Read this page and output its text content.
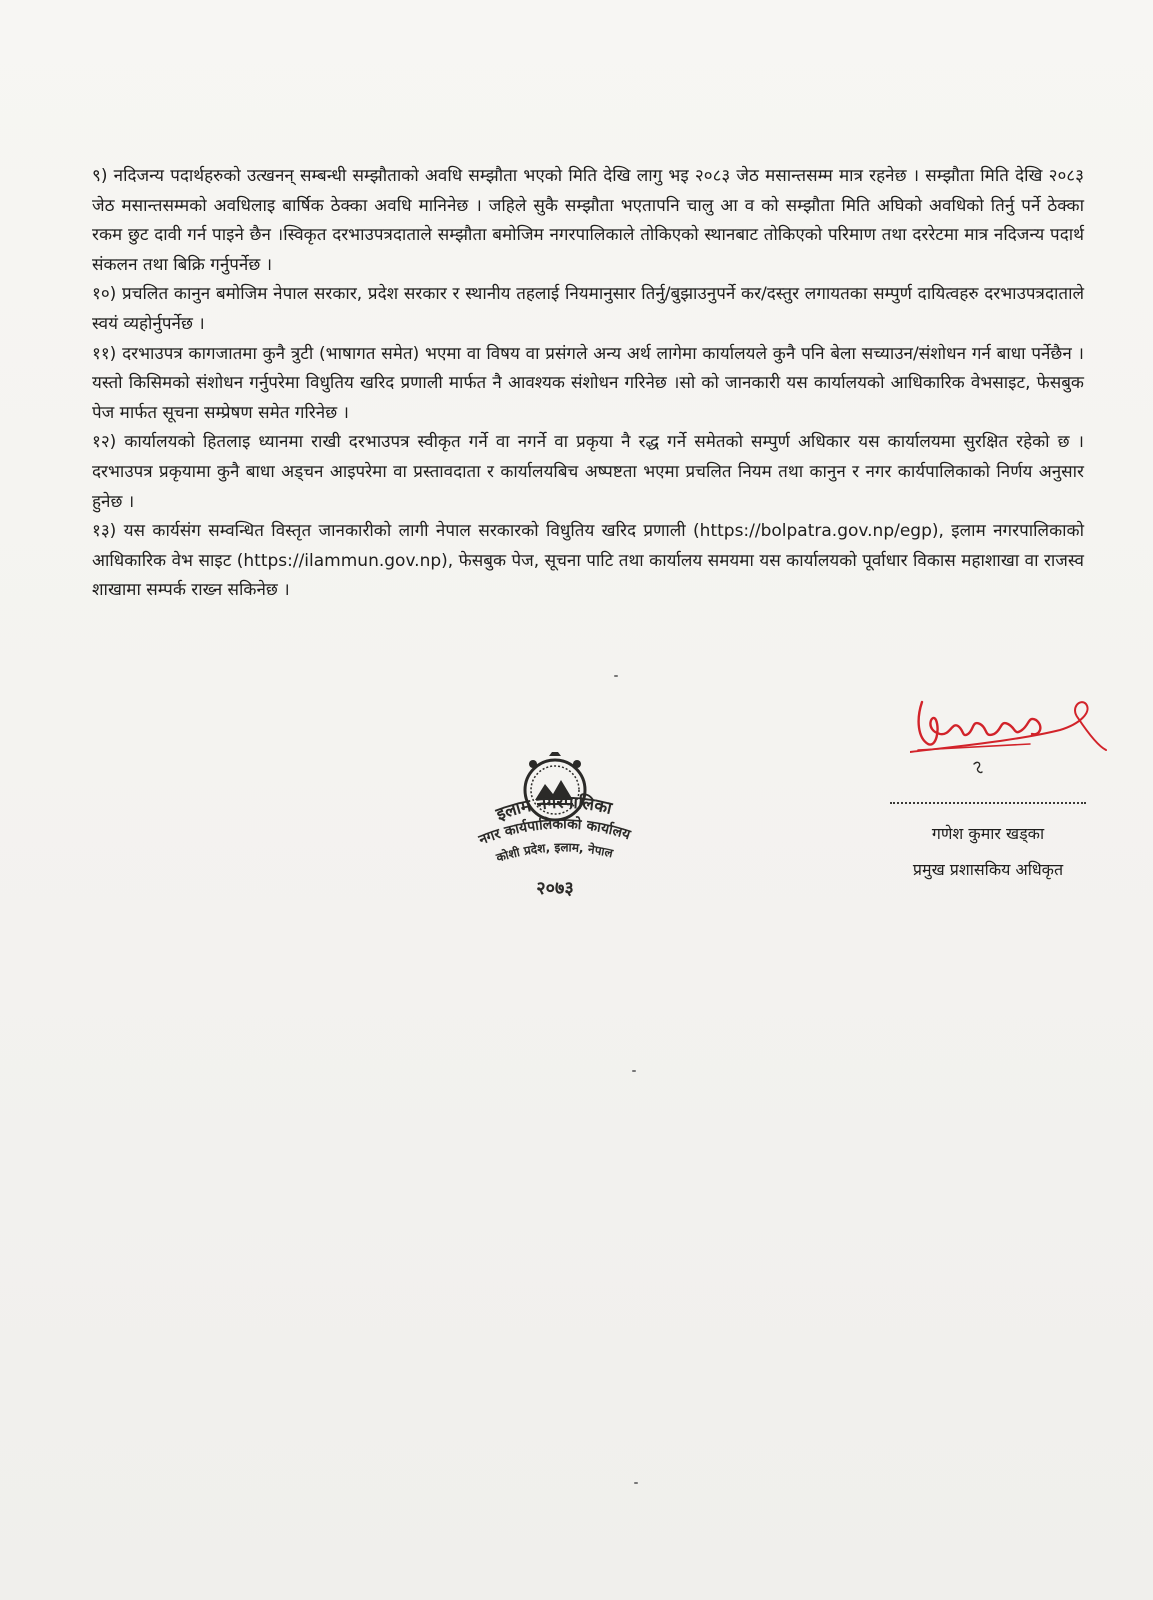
९) नदिजन्य पदार्थहरुको उत्खनन् सम्बन्धी सम्झौताको अवधि सम्झौता भएको मिति देखि लागु भइ २०८३ जेठ मसान्तसम्म मात्र रहनेछ । सम्झौता मिति देखि २०८३ जेठ मसान्तसम्मको अवधिलाइ बार्षिक ठेक्का अवधि मानिनेछ । जहिले सुकै सम्झौता भएतापनि चालु आ व को सम्झौता मिति अघिको अवधिको तिर्नु पर्ने ठेक्का रकम छुट दावी गर्न पाइने छैन ।स्विकृत दरभाउपत्रदाताले सम्झौता बमोजिम नगरपालिकाले तोकिएको स्थानबाट तोकिएको परिमाण तथा दररेटमा मात्र नदिजन्य पदार्थ संकलन तथा बिक्रि गर्नुपर्नेछ ।

१०) प्रचलित कानुन बमोजिम नेपाल सरकार, प्रदेश सरकार र स्थानीय तहलाई नियमानुसार तिर्नु/बुझाउनुपर्ने कर/दस्तुर लगायतका सम्पुर्ण दायित्वहरु दरभाउपत्रदाताले स्वयं व्यहोर्नुपर्नेछ ।

११) दरभाउपत्र कागजातमा कुनै त्रुटी (भाषागत समेत) भएमा वा विषय वा प्रसंगले अन्य अर्थ लागेमा कार्यालयले कुनै पनि बेला सच्याउन/संशोधन गर्न बाधा पर्नेछैन ।यस्तो किसिमको संशोधन गर्नुपरेमा विधुतिय खरिद प्रणाली मार्फत नै आवश्यक संशोधन गरिनेछ ।सो को जानकारी यस कार्यालयको आधिकारिक वेभसाइट, फेसबुक पेज मार्फत सूचना सम्प्रेषण समेत गरिनेछ ।

१२) कार्यालयको हितलाइ ध्यानमा राखी दरभाउपत्र स्वीकृत गर्ने वा नगर्ने वा प्रकृया नै रद्ध गर्ने समेतको सम्पुर्ण अधिकार यस कार्यालयमा सुरक्षित रहेको छ । दरभाउपत्र प्रकृयामा कुनै बाधा अड्चन आइपरेमा वा प्रस्तावदाता र कार्यालयबिच अष्पष्टता भएमा प्रचलित नियम तथा कानुन र नगर कार्यपालिकाको निर्णय अनुसार हुनेछ ।

१३) यस कार्यसंग सम्वन्धित विस्तृत जानकारीको लागी नेपाल सरकारको विधुतिय खरिद प्रणाली (https://bolpatra.gov.np/egp), इलाम नगरपालिकाको आधिकारिक वेभ साइट (https://ilammun.gov.np), फेसबुक पेज, सूचना पाटि तथा कार्यालय समयमा यस कार्यालयको पूर्वाधार विकास महाशाखा वा राजस्व शाखामा सम्पर्क राख्न सकिनेछ ।

इलाम नगरपालिका
नगर कार्यपालिकाको कार्यालय
कोशी प्रदेश, इलाम, नेपाल
२०७३
गणेश कुमार खड्का
प्रमुख प्रशासकिय अधिकृत
